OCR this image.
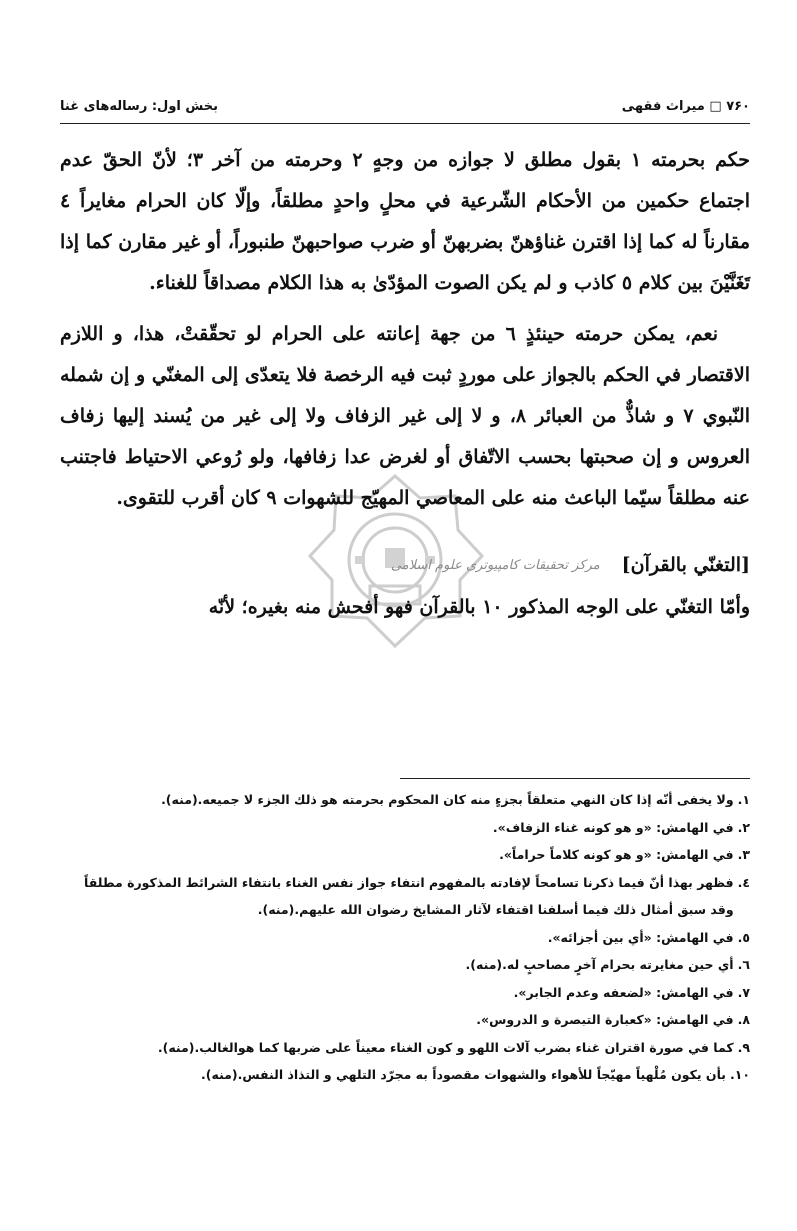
بخش اول: رساله‌های غنا	۷۶۰ □ میراث فقهی

حكم بحرمته ١ بقول مطلق لا جوازه من وجهٍ ٢ وحرمته من آخر ٣؛ لأنّ الحقّ عدم اجتماع حكمين من الأحكام الشّرعية في محلٍ واحدٍ مطلقاً، وإلّا كان الحرام مغايراً ٤ مقارناً له كما إذا اقترن غناؤهنّ بضربهنّ أو ضرب صواحبهنّ طنبوراً، أو غير مقارن كما إذا تَغَنَّيْنَ بين كلام ٥ كاذب و لم يكن الصوت المؤدّىٰ به هذا الكلام مصداقاً للغناء.

نعم، يمكن حرمته حينئذٍ ٦ من جهة إعانته على الحرام لو تحقّقتْ، هذا، و اللازم الاقتصار في الحكم بالجواز على موردٍ ثبت فيه الرخصة فلا يتعدّى إلى المغنّي و إن شمله النّبوي ٧ و شاذٌّ من العبائر ٨، و لا إلى غير الزفاف ولا إلى غير من يُسند إليها زفاف العروس و إن صحبتها بحسب الاتّفاق أو لغرض عدا زفافها، ولو رُوعي الاحتياط فاجتنب عنه مطلقاً سيّما الباعث منه على المعاصي المهيّج للشهوات ٩ كان أقرب للتقوى.

[التغنّي بالقرآن]
مرکز تحقیقات کامپیوتری علوم اسلامی

وأمّا التغنّي على الوجه المذكور ١٠ بالقرآن فهو أفحش منه بغيره؛ لأنّه

١.
ولا يخفى أنّه إذا كان النهي متعلقاً بجزءٍ منه كان المحكوم بحرمته هو ذلك الجزء لا جميعه.(منه).
٢.
في الهامش: «و هو كونه غناء الزفاف».
٣.
في الهامش: «و هو كونه كلاماً حراماً».
٤.
فظهر بهذا أنّ فيما ذكرنا تسامحاً لإفادته بالمفهوم انتفاء جواز نفس الغناء بانتفاء الشرائط المذكورة مطلقاً وقد سبق أمثال ذلك فيما أسلفنا اقتفاء لآثار المشايخ رضوان الله عليهم.(منه).
٥.
في الهامش: «أي بين أجزائه».
٦.
أي حين مغايرته بحرام آخرٍ مصاحبٍ له.(منه).
٧.
في الهامش: «لضعفه وعدم الجابر».
٨.
في الهامش: «كعبارة التبصرة و الدروس».
٩.
كما في صورة اقتران غناء بضرب آلات اللهو و كون الغناء معيناً على ضربها كما هوالغالب.(منه).
١٠.
بأن يكون مُلْهياً مهيّجاً للأهواء والشهوات مقصوداً به مجرّد التلهي و التذاذ النفس.(منه).
